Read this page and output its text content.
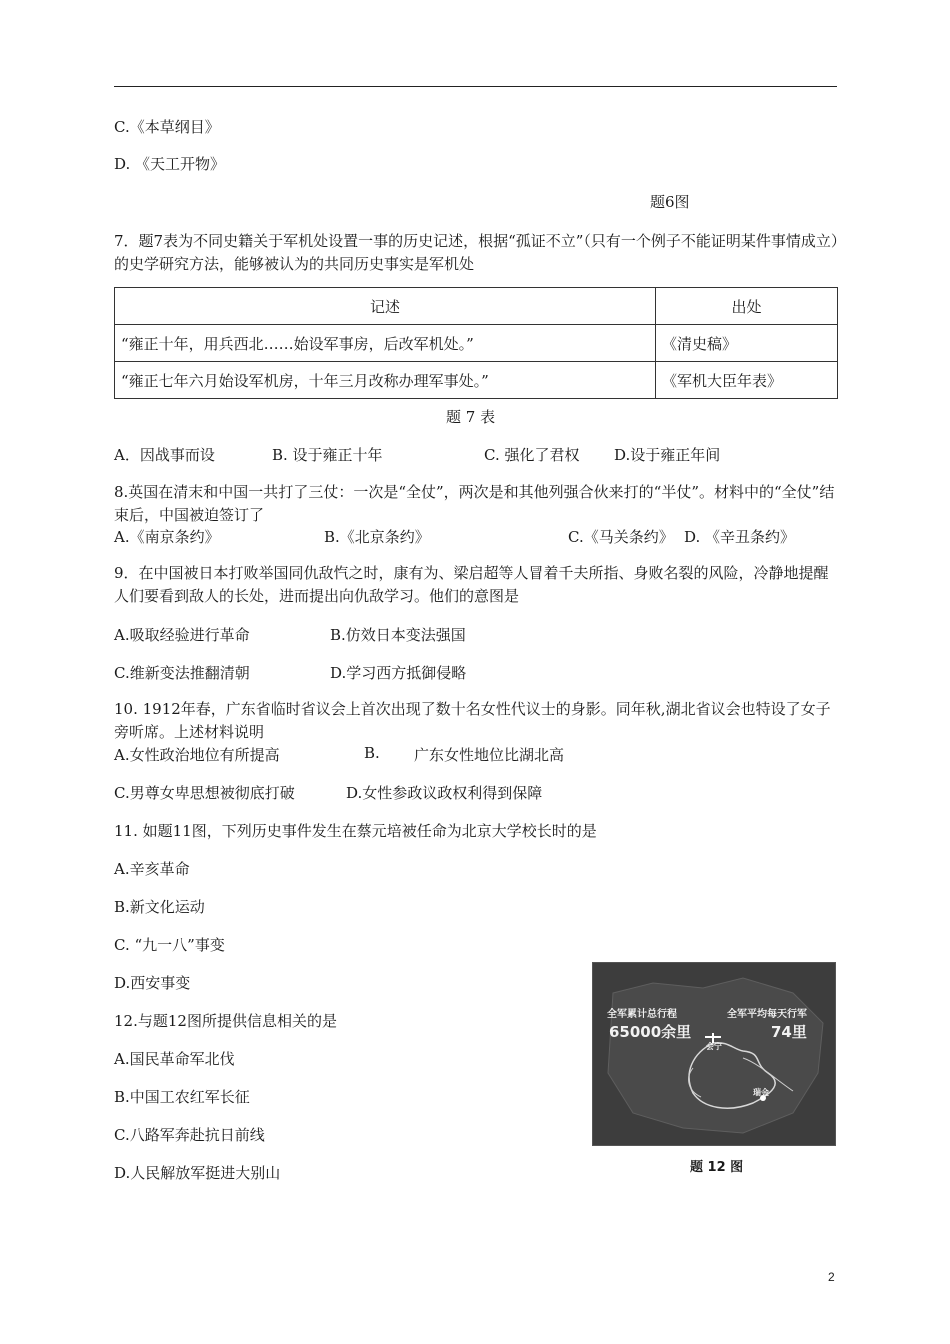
C.《本草纲目》
D. 《天工开物》
题6图
7．题7表为不同史籍关于军机处设置一事的历史记述，根据“孤证不立”（只有一个例子不能证明某件事情成立）的史学研究方法，能够被认为的共同历史事实是军机处
记述	出处
“雍正十年，用兵西北……始设军事房，后改军机处。”	《清史稿》
“雍正七年六月始设军机房，十年三月改称办理军事处。”	《军机大臣年表》
题 7 表
A．因战事而设	B. 设于雍正十年	C. 强化了君权 D.设于雍正年间
8.英国在清末和中国一共打了三仗：一次是“全仗”，两次是和其他列强合伙来打的“半仗”。材料中的“全仗”结束后，中国被迫签订了
A.《南京条约》	B.《北京条约》	C.《马关条约》 D. 《辛丑条约》
9．在中国被日本打败举国同仇敌忾之时，康有为、梁启超等人冒着千夫所指、身败名裂的风险，冷静地提醒人们要看到敌人的长处，进而提出向仇敌学习。他们的意图是
A.吸取经验进行革命	B.仿效日本变法强国
C.维新变法推翻清朝	D.学习西方抵御侵略
10. 1912年春，广东省临时省议会上首次出现了数十名女性代议士的身影。同年秋,湖北省议会也特设了女子旁听席。上述材料说明
A.女性政治地位有所提高	B. 广东女性地位比湖北高
C.男尊女卑思想被彻底打破	D.女性参政议政权利得到保障
11. 如题11图，下列历史事件发生在蔡元培被任命为北京大学校长时的是
A.辛亥革命
B.新文化运动
C. “九一八”事变
D.西安事变
12.与题12图所提供信息相关的是
A.国民革命军北伐
B.中国工农红军长征
C.八路军奔赴抗日前线
D.人民解放军挺进大别山
全军累计总行程
65000余里
全军平均每天行军
74里
会宁
瑞金
题 12 图
2
